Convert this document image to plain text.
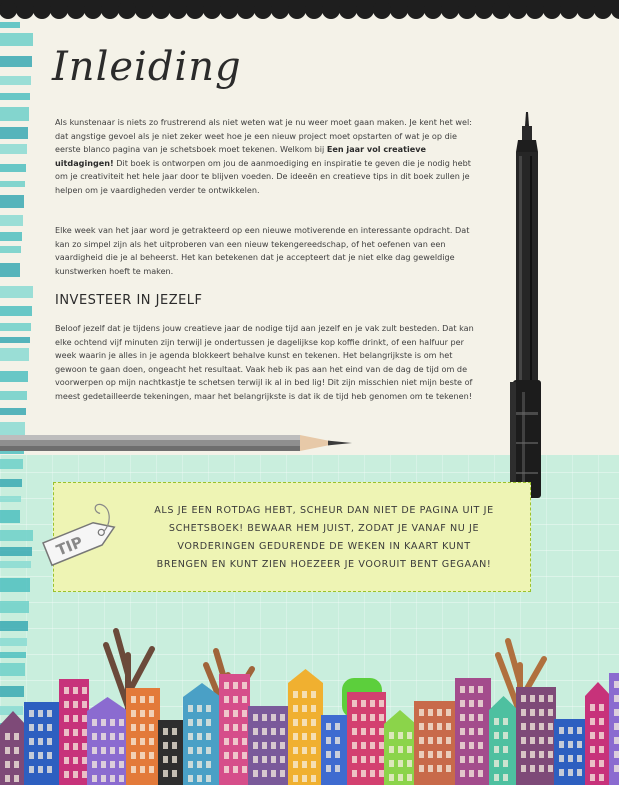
Inleiding

Als kunstenaar is niets zo frustrerend als niet weten wat je nu weer moet gaan maken. Je kent het wel: dat angstige gevoel als je niet zeker weet hoe je een nieuw project moet opstarten of wat je op die eerste blanco pagina van je schetsboek moet tekenen. Welkom bij Een jaar vol creatieve uitdagingen! Dit boek is ontworpen om jou de aanmoediging en inspiratie te geven die je nodig hebt om je creativiteit het hele jaar door te blijven voeden. De ideeën en creatieve tips in dit boek zullen je helpen om je vaardigheden verder te ontwikkelen.

Elke week van het jaar word je getrakteerd op een nieuwe motiverende en interessante opdracht. Dat kan zo simpel zijn als het uitproberen van een nieuw tekengereedschap, of het oefenen van een vaardigheid die je al beheerst. Het kan betekenen dat je accepteert dat je niet elke dag geweldige kunstwerken hoeft te maken.

INVESTEER IN JEZELF

Beloof jezelf dat je tijdens jouw creatieve jaar de nodige tijd aan jezelf en je vak zult besteden. Dat kan elke ochtend vijf minuten zijn terwijl je ondertussen je dagelijkse kop koffie drinkt, of een halfuur per week waarin je alles in je agenda blokkeert behalve kunst en tekenen. Het belangrijkste is om het gewoon te gaan doen, ongeacht het resultaat. Vaak heb ik pas aan het eind van de dag de tijd om de voorwerpen op mijn nachtkastje te schetsen terwijl ik al in bed lig! Dit zijn misschien niet mijn beste of meest gedetailleerde tekeningen, maar het belangrijkste is dat ik de tijd heb genomen om te tekenen!

ALS JE EEN ROTDAG HEBT, SCHEUR DAN NIET DE PAGINA UIT JE SCHETSBOEK! BEWAAR HEM JUIST, ZODAT JE VANAF NU JE VORDERINGEN GEDURENDE DE WEKEN IN KAART KUNT BRENGEN EN KUNT ZIEN HOEZEER JE VOORUIT BENT GEGAAN!

TIP
